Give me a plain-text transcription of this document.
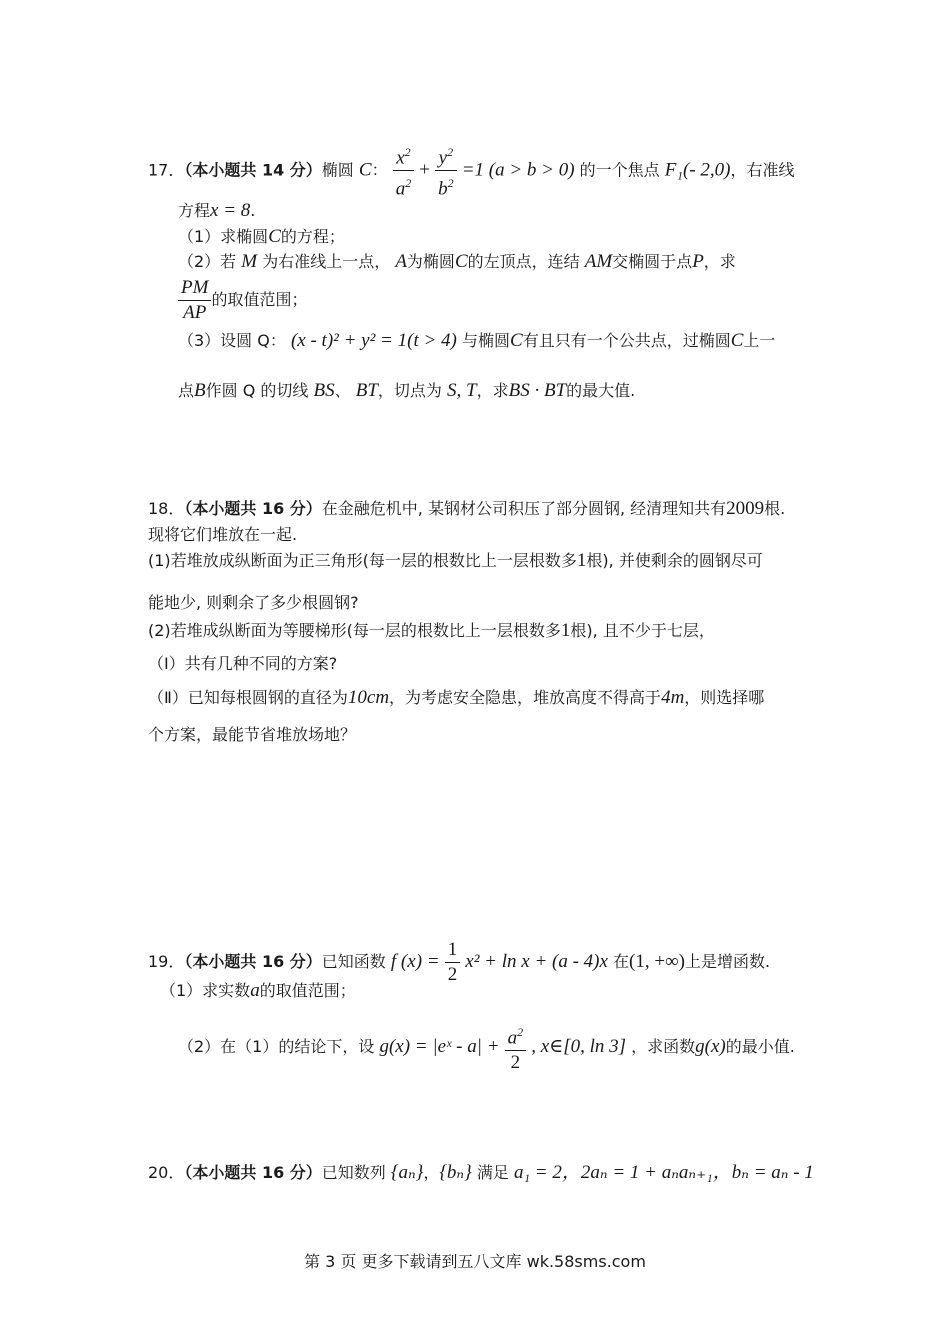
17．（本小题共 14 分）椭圆 C： $\frac{x^2}{a^2} + \frac{y^2}{b^2} =1$ (a > b > 0) 的一个焦点 F₁(- 2,0)，右准线
方程x = 8.
（1）求椭圆C的方程；
（2）若 M 为右准线上一点， A为椭圆C的左顶点，连结 AM交椭圆于点P，求
$\frac{PM}{AP}$ 的取值范围；
（3）设圆 Q： (x - t)² + y² = 1(t > 4) 与椭圆C有且只有一个公共点，过椭圆C上一
点B作圆 Q 的切线 BS、 BT，切点为 S, T，求BS · BT的最大值.
18．（本小题共 16 分）在金融危机中, 某钢材公司积压了部分圆钢, 经清理知共有2009根.
现将它们堆放在一起.
(1)若堆放成纵断面为正三角形(每一层的根数比上一层根数多1根), 并使剩余的圆钢尽可
能地少, 则剩余了多少根圆钢?
(2)若堆成纵断面为等腰梯形(每一层的根数比上一层根数多1根), 且不少于七层，
（Ⅰ）共有几种不同的方案?
（Ⅱ）已知每根圆钢的直径为10cm，为考虑安全隐患，堆放高度不得高于4m，则选择哪
个方案，最能节省堆放场地？
19．（本小题共 16 分）已知函数 f $(x) = \frac{1}{2} x^2 + \ln x + (a - 4)x$ 在(1, +∞)上是增函数.
（1）求实数a的取值范围；
（2）在（1）的结论下，设 g(x) = |eˣ - $a| + \frac{a^2}{2}$ , x∈[0, ln 3] ，求函数g(x)的最小值.
20．（本小题共 16 分）已知数列 {aₙ}，{bₙ} 满足 a₁ = 2，2aₙ = 1 + aₙaₙ₊₁，bₙ = aₙ - 1
第 3 页 更多下载请到五八文库 wk.58sms.com
